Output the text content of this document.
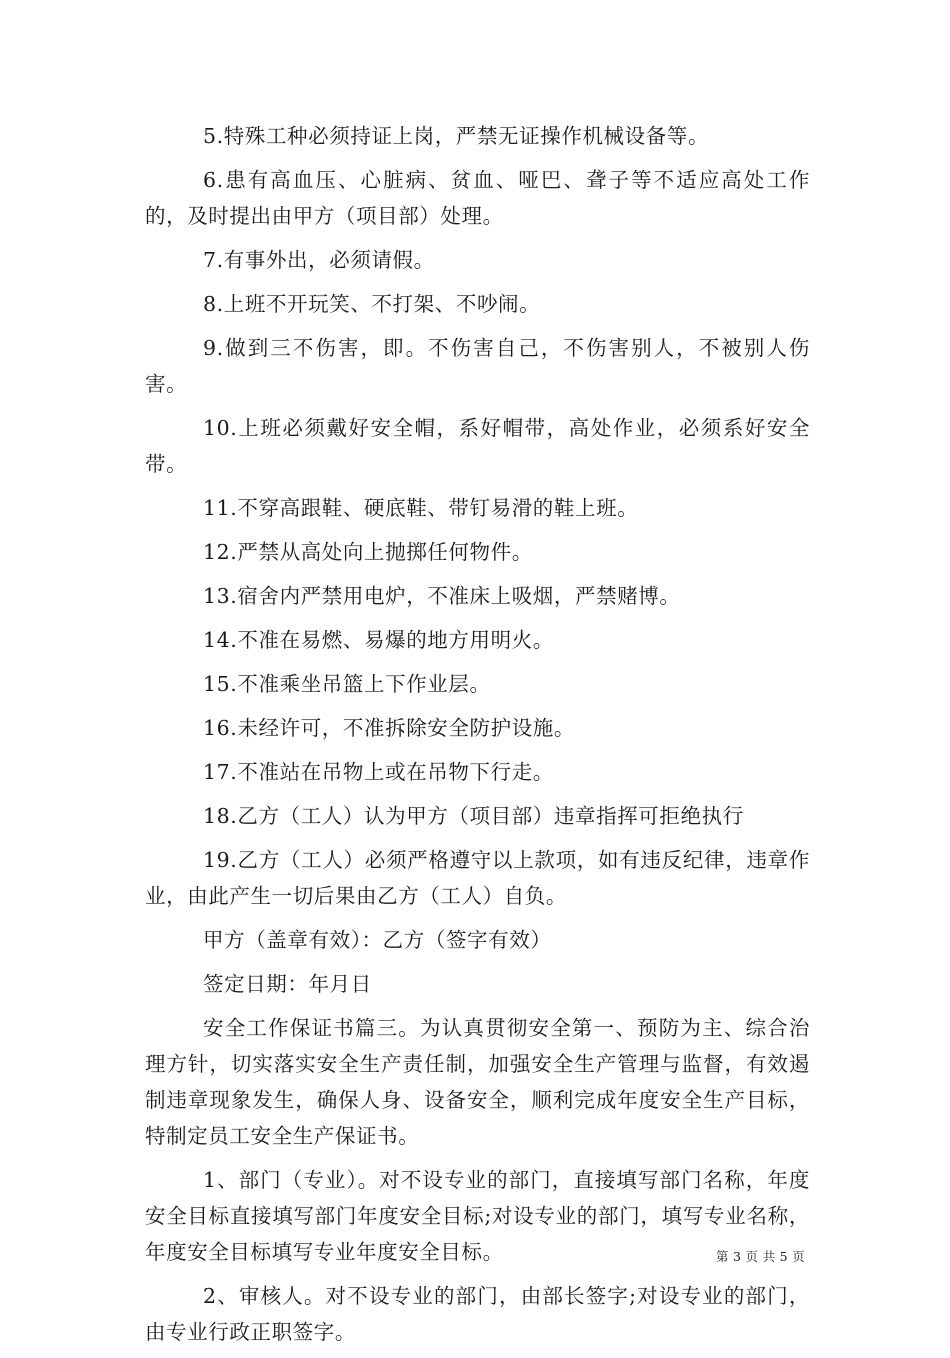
5.特殊工种必须持证上岗，严禁无证操作机械设备等。

6.患有高血压、心脏病、贫血、哑巴、聋子等不适应高处工作的，及时提出由甲方（项目部）处理。

7.有事外出，必须请假。

8.上班不开玩笑、不打架、不吵闹。

9.做到三不伤害，即。不伤害自己，不伤害别人，不被别人伤害。

10.上班必须戴好安全帽，系好帽带，高处作业，必须系好安全带。

11.不穿高跟鞋、硬底鞋、带钉易滑的鞋上班。

12.严禁从高处向上抛掷任何物件。

13.宿舍内严禁用电炉，不准床上吸烟，严禁赌博。

14.不准在易燃、易爆的地方用明火。

15.不准乘坐吊篮上下作业层。

16.未经许可，不准拆除安全防护设施。

17.不准站在吊物上或在吊物下行走。

18.乙方（工人）认为甲方（项目部）违章指挥可拒绝执行

19.乙方（工人）必须严格遵守以上款项，如有违反纪律，违章作业，由此产生一切后果由乙方（工人）自负。

甲方（盖章有效）：乙方（签字有效）

签定日期：年月日

安全工作保证书篇三。为认真贯彻安全第一、预防为主、综合治理方针，切实落实安全生产责任制，加强安全生产管理与监督，有效遏制违章现象发生，确保人身、设备安全，顺利完成年度安全生产目标，特制定员工安全生产保证书。

1、部门（专业）。对不设专业的部门，直接填写部门名称，年度安全目标直接填写部门年度安全目标;对设专业的部门，填写专业名称，年度安全目标填写专业年度安全目标。

2、审核人。对不设专业的部门，由部长签字;对设专业的部门，由专业行政正职签字。

第 3 页 共 5 页
